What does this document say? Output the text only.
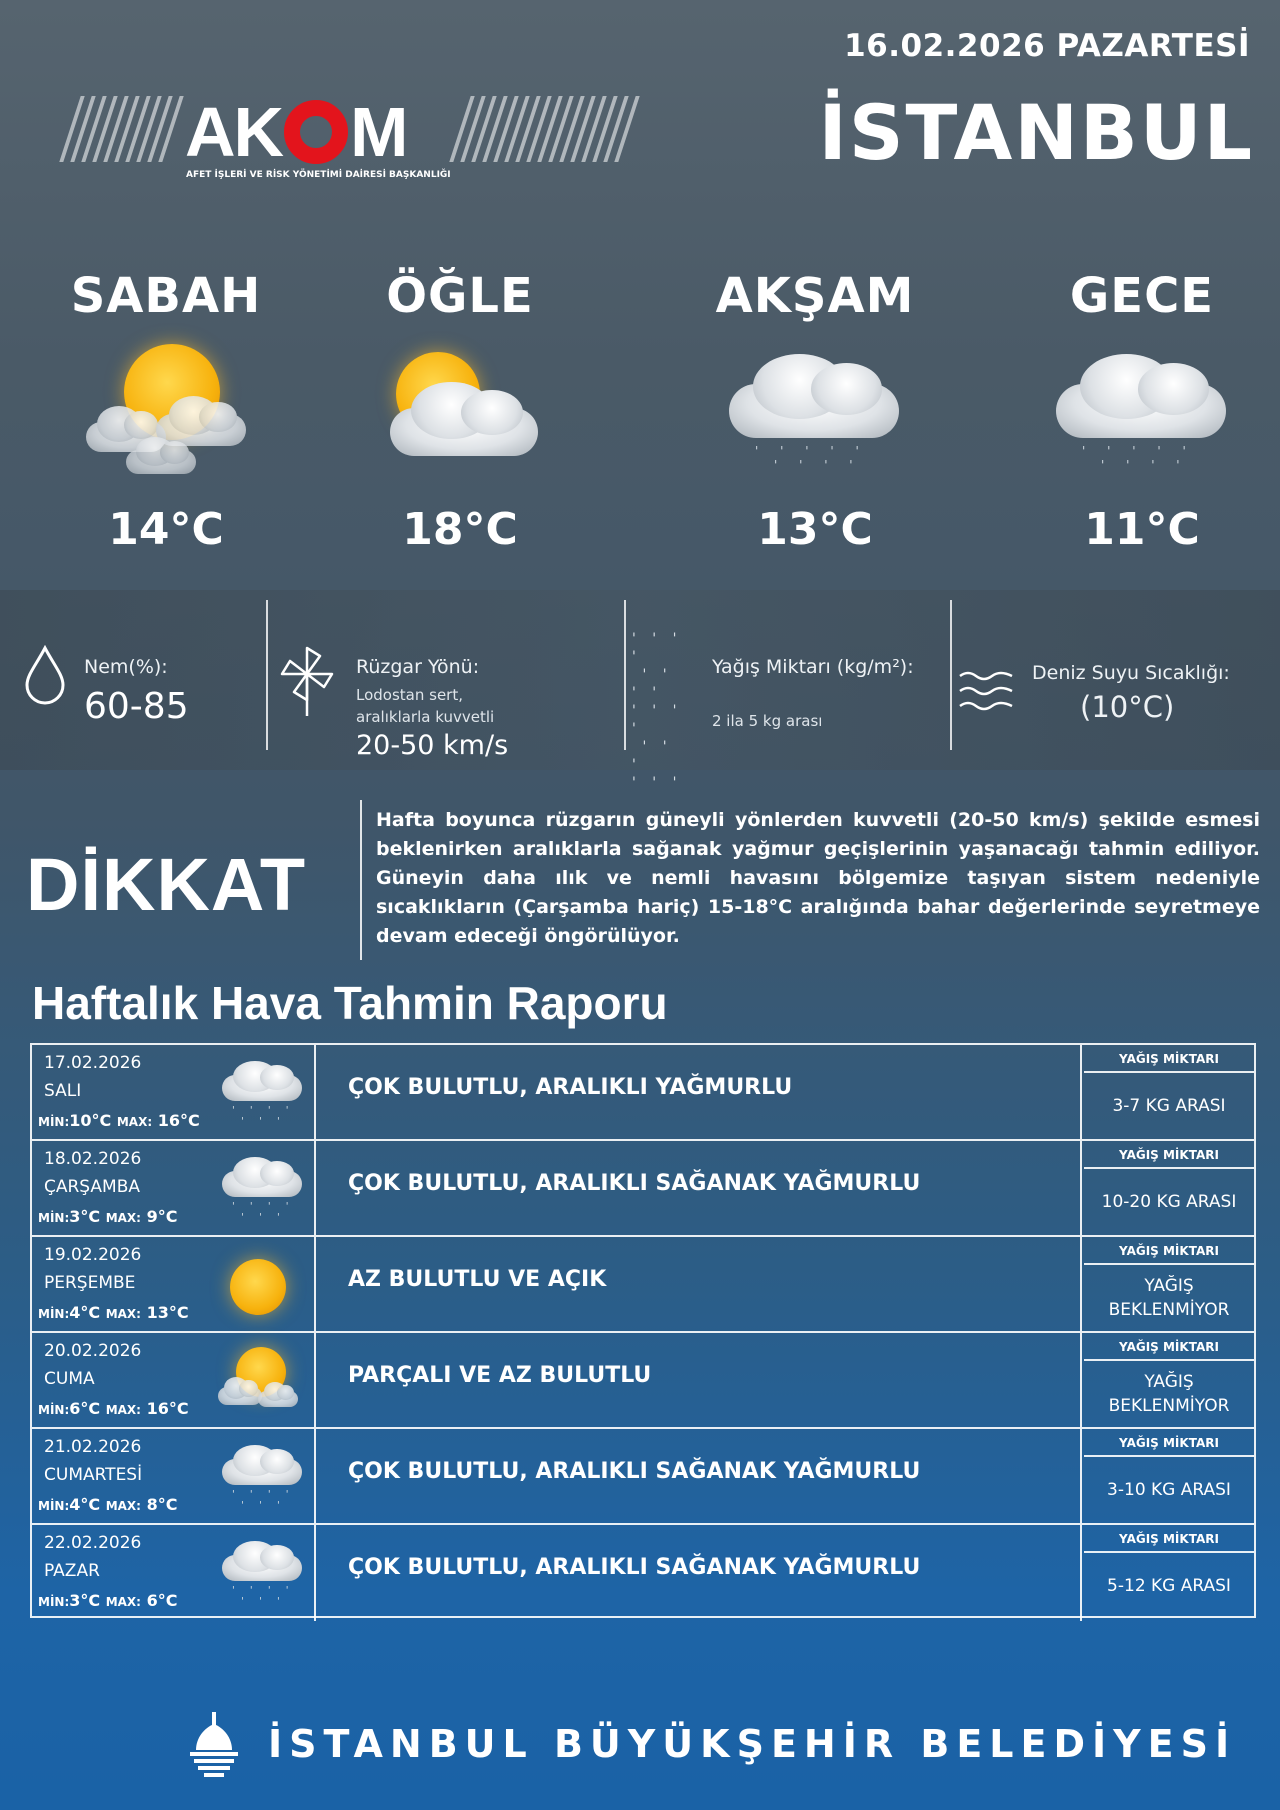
16.02.2026 PAZARTESİ
İSTANBUL
AK M
AFET İŞLERİ VE RİSK YÖNETİMİ DAİRESİ BAŞKANLIĞI
SABAH
14°C
ÖĞLE
18°C
AKŞAM
' ' ' ' '
' ' ' '
13°C
GECE
' ' ' ' '
' ' ' '
11°C
Nem(%):
60-85
Rüzgar Yönü:
Lodostan sert,
aralıklarla kuvvetli
20-50 km/s
' ' ' '
' ' ' '
' ' ' '
' ' '
' ' '
Yağış Miktarı (kg/m²):
2 ila 5 kg arası
Deniz Suyu Sıcaklığı:
(10°C)
DİKKAT

Hafta boyunca rüzgarın güneyli yönlerden kuvvetli (20-50 km/s) şekilde esmesi beklenirken aralıklarla sağanak yağmur geçişlerinin yaşanacağı tahmin ediliyor. Güneyin daha ılık ve nemli havasını bölgemize taşıyan sistem nedeniyle sıcaklıkların (Çarşamba hariç) 15-18°C aralığında bahar değerlerinde seyretmeye devam edeceği öngörülüyor.

Haftalık Hava Tahmin Raporu
17.02.2026
SALI
MİN:10°C MAX: 16°C
' ' ' '
' ' '
ÇOK BULUTLU, ARALIKLI YAĞMURLU
YAĞIŞ MİKTARI
3-7 KG ARASI
18.02.2026
ÇARŞAMBA
MİN:3°C MAX: 9°C
' ' ' '
' ' '
ÇOK BULUTLU, ARALIKLI SAĞANAK YAĞMURLU
YAĞIŞ MİKTARI
10-20 KG ARASI
19.02.2026
PERŞEMBE
MİN:4°C MAX: 13°C
AZ BULUTLU VE AÇIK
YAĞIŞ MİKTARI
YAĞIŞ BEKLENMİYOR
20.02.2026
CUMA
MİN:6°C MAX: 16°C
PARÇALI VE AZ BULUTLU
YAĞIŞ MİKTARI
YAĞIŞ BEKLENMİYOR
21.02.2026
CUMARTESİ
MİN:4°C MAX: 8°C
' ' ' '
' ' '
ÇOK BULUTLU, ARALIKLI SAĞANAK YAĞMURLU
YAĞIŞ MİKTARI
3-10 KG ARASI
22.02.2026
PAZAR
MİN:3°C MAX: 6°C
' ' ' '
' ' '
ÇOK BULUTLU, ARALIKLI SAĞANAK YAĞMURLU
YAĞIŞ MİKTARI
5-12 KG ARASI
İSTANBUL BÜYÜKŞEHİR BELEDİYESİ
